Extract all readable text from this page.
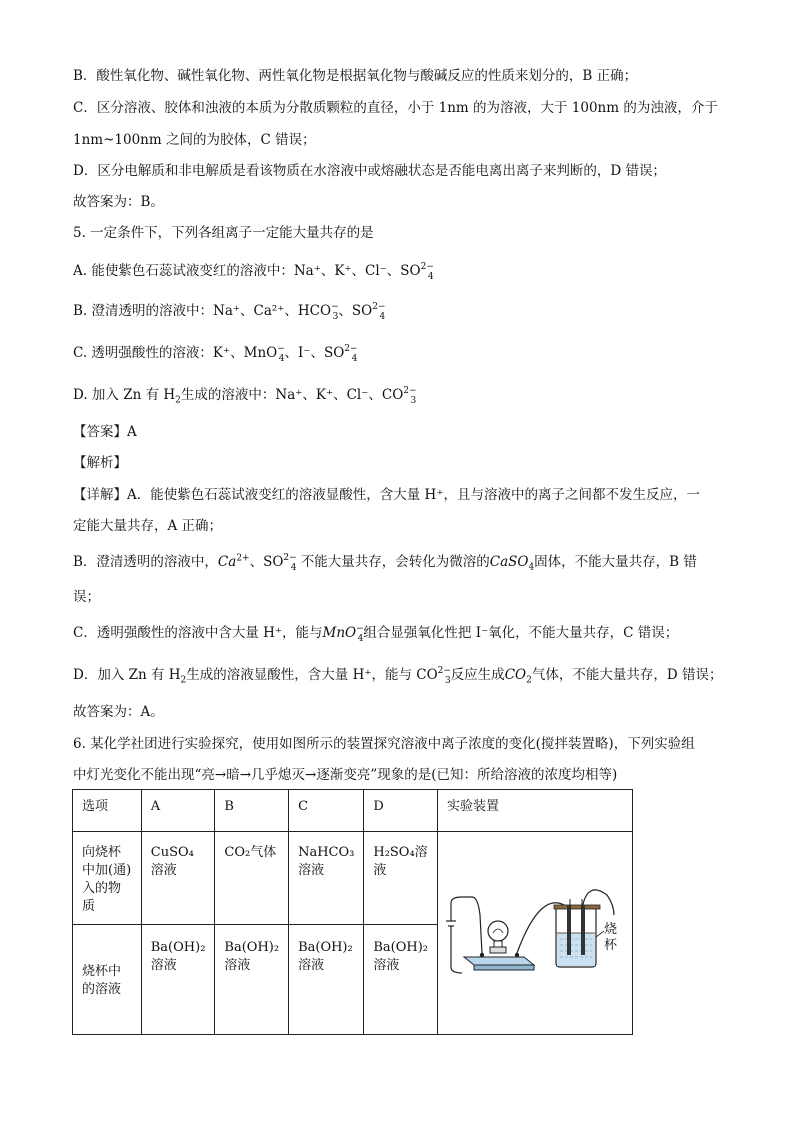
B．酸性氧化物、碱性氧化物、两性氧化物是根据氧化物与酸碱反应的性质来划分的，B 正确；
C．区分溶液、胶体和浊液的本质为分散质颗粒的直径，小于 1nm 的为溶液，大于 100nm 的为浊液，介于
1nm~100nm 之间的为胶体，C 错误；
D．区分电解质和非电解质是看该物质在水溶液中或熔融状态是否能电离出离子来判断的，D 错误；
故答案为：B。
5. 一定条件下，下列各组离子一定能大量共存的是
A. 能使紫色石蕊试液变红的溶液中：Na⁺、K⁺、Cl⁻、$SO^{2-}_4$
B. 澄清透明的溶液中：Na⁺、Ca²⁺、$HCO^-_3$、$SO^{2-}_4$
C. 透明强酸性的溶液：K⁺、MnO−$_4$、I⁻、$SO^{2-}_4$
D. 加入 Zn 有 $H_2$生成的溶液中：Na⁺、K⁺、Cl⁻、$CO^{2-}_3$
【答案】A
【解析】
【详解】A．能使紫色石蕊试液变红的溶液显酸性，含大量 H⁺，且与溶液中的离子之间都不发生反应，一
定能大量共存，A 正确；
B．澄清透明的溶液中，$Ca^{2+}$、$SO^{2-}_4$ 不能大量共存，会转化为微溶的CaSO$_4$固体，不能大量共存，B 错
误；
C．透明强酸性的溶液中含大量 H⁺，能与MnO−$_4$组合显强氧化性把 I⁻氧化，不能大量共存，C 错误；
D．加入 Zn 有 $H_2$生成的溶液显酸性，含大量 H⁺，能与 $CO^{2-}_3$反应生成$CO_2$气体，不能大量共存，D 错误；
故答案为：A。
6. 某化学社团进行实验探究，使用如图所示的装置探究溶液中离子浓度的变化(搅拌装置略)，下列实验组
中灯光变化不能出现“亮→暗→几乎熄灭→逐渐变亮”现象的是(已知：所给溶液的浓度均相等)
选项	A	B	C	D	实验装置
向烧杯中加(通)入的物质	CuSO₄溶液	CO₂气体	NaHCO₃溶液	H₂SO₄溶液	烧 杯

烧杯中的溶液	Ba(OH)₂溶液	Ba(OH)₂溶液	Ba(OH)₂溶液	Ba(OH)₂溶液	
